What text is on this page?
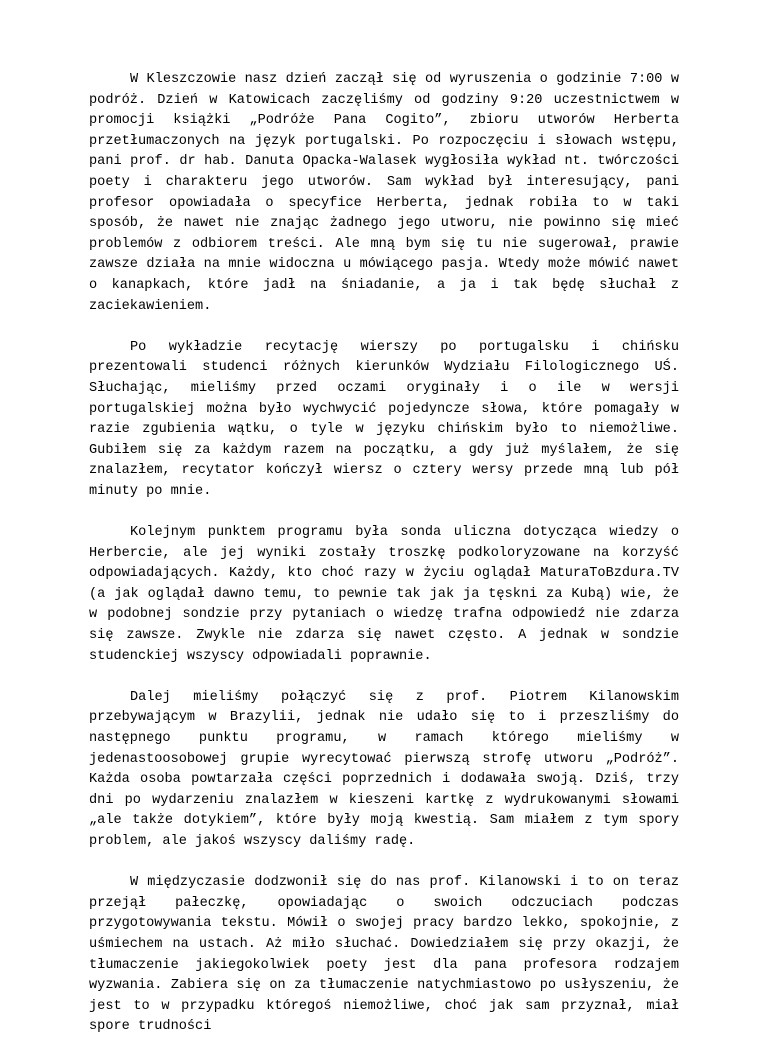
W Kleszczowie nasz dzień zaczął się od wyruszenia o godzinie 7:00 w podróż. Dzień w Katowicach zaczęliśmy od godziny 9:20 uczestnictwem w promocji książki „Podróże Pana Cogito”, zbioru utworów Herberta przetłumaczonych na język portugalski. Po rozpoczęciu i słowach wstępu, pani prof. dr hab. Danuta Opacka-Walasek wygłosiła wykład nt. twórczości poety i charakteru jego utworów. Sam wykład był interesujący, pani profesor opowiadała o specyfice Herberta, jednak robiła to w taki sposób, że nawet nie znając żadnego jego utworu, nie powinno się mieć problemów z odbiorem treści. Ale mną bym się tu nie sugerował, prawie zawsze działa na mnie widoczna u mówiącego pasja. Wtedy może mówić nawet o kanapkach, które jadł na śniadanie, a ja i tak będę słuchał z zaciekawieniem.

Po wykładzie recytację wierszy po portugalsku i chińsku prezentowali studenci różnych kierunków Wydziału Filologicznego UŚ. Słuchając, mieliśmy przed oczami oryginały i o ile w wersji portugalskiej można było wychwycić pojedyncze słowa, które pomagały w razie zgubienia wątku, o tyle w języku chińskim było to niemożliwe. Gubiłem się za każdym razem na początku, a gdy już myślałem, że się znalazłem, recytator kończył wiersz o cztery wersy przede mną lub pół minuty po mnie.

Kolejnym punktem programu była sonda uliczna dotycząca wiedzy o Herbercie, ale jej wyniki zostały troszkę podkoloryzowane na korzyść odpowiadających. Każdy, kto choć razy w życiu oglądał MaturaToBzdura.TV (a jak oglądał dawno temu, to pewnie tak jak ja tęskni za Kubą) wie, że w podobnej sondzie przy pytaniach o wiedzę trafna odpowiedź nie zdarza się zawsze. Zwykle nie zdarza się nawet często. A jednak w sondzie studenckiej wszyscy odpowiadali poprawnie.

Dalej mieliśmy połączyć się z prof. Piotrem Kilanowskim przebywającym w Brazylii, jednak nie udało się to i przeszliśmy do następnego punktu programu, w ramach którego mieliśmy w jedenastoosobowej grupie wyrecytować pierwszą strofę utworu „Podróż”. Każda osoba powtarzała części poprzednich i dodawała swoją. Dziś, trzy dni po wydarzeniu znalazłem w kieszeni kartkę z wydrukowanymi słowami „ale także dotykiem”, które były moją kwestią. Sam miałem z tym spory problem, ale jakoś wszyscy daliśmy radę.

W międzyczasie dodzwonił się do nas prof. Kilanowski i to on teraz przejął pałeczkę, opowiadając o swoich odczuciach podczas przygotowywania tekstu. Mówił o swojej pracy bardzo lekko, spokojnie, z uśmiechem na ustach. Aż miło słuchać. Dowiedziałem się przy okazji, że tłumaczenie jakiegokolwiek poety jest dla pana profesora rodzajem wyzwania. Zabiera się on za tłumaczenie natychmiastowo po usłyszeniu, że jest to w przypadku któregoś niemożliwe, choć jak sam przyznał, miał spore trudności
